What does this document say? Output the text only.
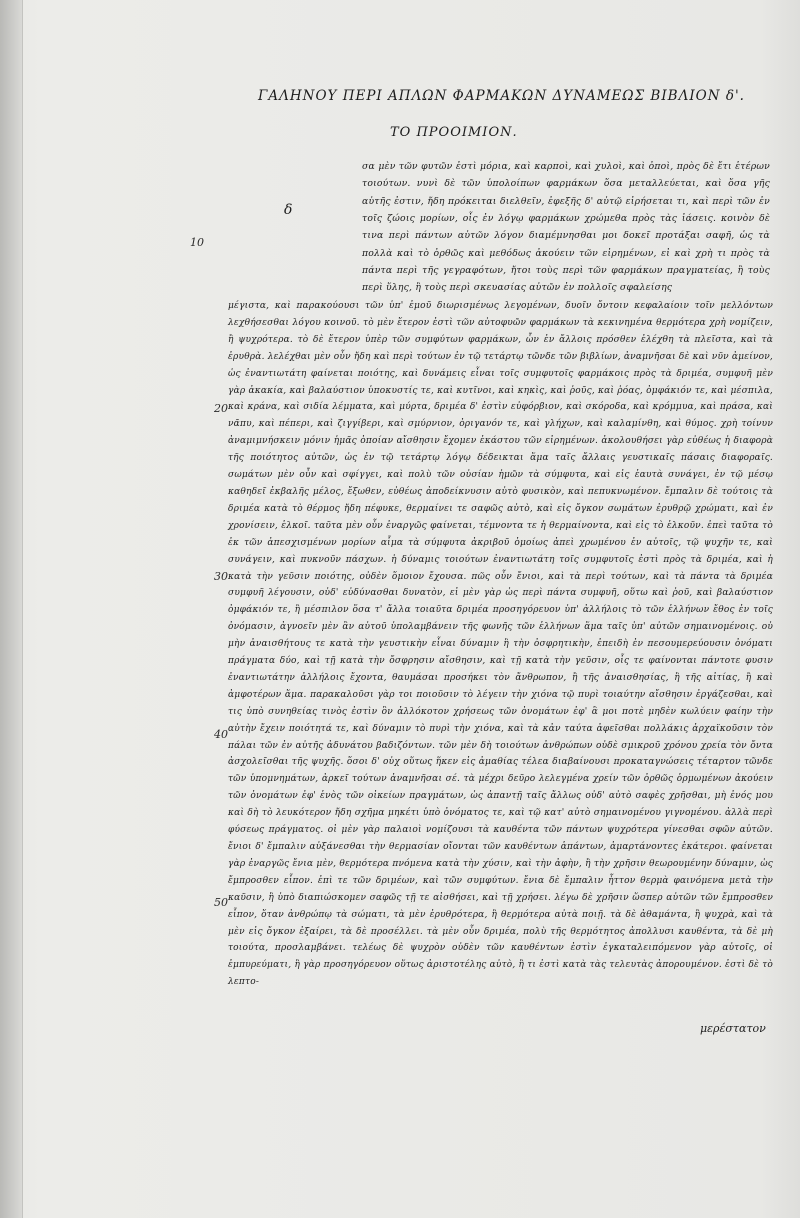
ΓΑΛΗΝΟΥ ΠΕΡΙ ΑΠΛΩΝ ΦΑΡΜΑΚΩΝ ΔΥΝΑΜΕΩΣ ΒΙΒΛΙΟΝ δ'.
ΤΟ ΠΡΟΟΙΜΙΟΝ.
δ
10
20
30
40
50

σα μὲν τῶν φυτῶν ἐστὶ μόρια, καὶ καρποὶ, καὶ χυλοὶ, καὶ ὀποὶ, πρὸς δὲ ἔτι ἑτέρων τοιούτων. νυνὶ δὲ τῶν ὑπολοίπων φαρμάκων ὅσα μεταλλεύεται, καὶ ὅσα γῆς αὐτῆς ἐστιν, ἤδη πρόκειται διελθεῖν, ἐφεξῆς δ' αὐτῷ εἰρήσεται τι, καὶ περὶ τῶν ἐν τοῖς ζώοις μορίων, οἷς ἐν λόγῳ φαρμάκων χρώμεθα πρὸς τὰς ἰάσεις. κοινὸν δὲ τινα περὶ πάντων αὐτῶν λόγον διαμέμνησθαι μοι δοκεῖ προτάξαι σαφῆ, ὡς τὰ πολλὰ καὶ τὸ ὀρθῶς καὶ μεθόδως ἀκούειν τῶν εἰρημένων, εἰ καὶ χρὴ τι πρὸς τὰ πάντα περὶ τῆς γεγραφότων, ἤτοι τοὺς περὶ τῶν φαρμάκων πραγματείας, ἢ τοὺς περὶ ὕλης, ἢ τοὺς περὶ σκευασίας αὐτῶν ἐν πολλοῖς σφαλείσης

μέγιστα, καὶ παρακούουσι τῶν ὑπ' ἐμοῦ διωρισμένως λεγομένων, δυοῖν ὄντοιν κεφαλαίοιν τοῖν μελλόντων λεχθήσεσθαι λόγου κοινοῦ. τὸ μὲν ἕτερον ἐστὶ τῶν αὐτοφυῶν φαρμάκων τὰ κεκινημένα θερμότερα χρὴ νομίζειν, ἢ ψυχρότερα. τὸ δὲ ἕτερον ὑπὲρ τῶν συμφύτων φαρμάκων, ὧν ἐν ἄλλοις πρόσθεν ἐλέχθη τὰ πλεῖστα, καὶ τὰ ἐρυθρὰ. λελέχθαι μὲν οὖν ἤδη καὶ περὶ τούτων ἐν τῷ τετάρτῳ τῶνδε τῶν βιβλίων, ἀναμνῆσαι δὲ καὶ νῦν ἀμείνον, ὡς ἐναντιωτάτη φαίνεται ποιότης, καὶ δυνάμεις εἶναι τοῖς συμφυτοῖς φαρμάκοις πρὸς τὰ δριμέα, συμφυῆ μὲν γὰρ ἀκακία, καὶ βαλαύστιον ὑποκυστίς τε, καὶ κυτῖνοι, καὶ κηκὶς, καὶ ῥοῦς, καὶ ῥόας, ὀμφάκιόν τε, καὶ μέσπιλα, καὶ κράνα, καὶ σιδία λέμματα, καὶ μύρτα, δριμέα δ' ἐστὶν εὐφόρβιον, καὶ σκόροδα, καὶ κρόμμυα, καὶ πράσα, καὶ νᾶπυ, καὶ πέπερι, καὶ ζιγγίβερι, καὶ σμύρνιον, ὀριγανόν τε, καὶ γλήχων, καὶ καλαμίνθη, καὶ θύμος. χρὴ τοίνυν ἀναμιμνήσκειν μόνιν ἡμᾶς ὁποίαν αἴσθησιν ἔχομεν ἑκάστου τῶν εἰρημένων. ἀκολουθήσει γὰρ εὐθέως ἡ διαφορὰ τῆς ποιότητος αὐτῶν, ὡς ἐν τῷ τετάρτῳ λόγῳ δέδεικται ἅμα ταῖς ἄλλαις γευστικαῖς πάσαις διαφοραῖς. σωμάτων μὲν οὖν καὶ σφίγγει, καὶ πολὺ τῶν οὐσίαν ἡμῶν τὰ σύμφυτα, καὶ εἰς ἑαυτὰ συνάγει, ἐν τῷ μέσῳ καθηδεῖ ἐκβαλῆς μέλος, ἔξωθεν, εὐθέως ἀποδείκνυσιν αὐτὸ φυσικὸν, καὶ πεπυκνωμένον. ἔμπαλιν δὲ τούτοις τὰ δριμέα κατὰ τὸ θέρμος ἤδη πέφυκε, θερμαίνει τε σαφῶς αὐτὸ, καὶ εἰς ὄγκον σωμάτων ἐρυθρῷ χρώματι, καὶ ἐν χρονίσειν, ἑλκοῖ. ταῦτα μὲν οὖν ἐναργῶς φαίνεται, τέμνοντα τε ἡ θερμαίνοντα, καὶ εἰς τὸ ἑλκοῦν. ἐπεὶ ταῦτα τὸ ἐκ τῶν ἀπεσχισμένων μορίων αἷμα τὰ σύμφυτα ἀκριβοῦ ὁμοίως ἀπεὶ χρωμένου ἐν αὐτοῖς, τῷ ψυχῆν τε, καὶ συνάγειν, καὶ πυκνοῦν πάσχων. ἡ δύναμις τοιούτων ἐναντιωτάτη τοῖς συμφυτοῖς ἐστὶ πρὸς τὰ δριμέα, καὶ ἡ κατὰ τὴν γεῦσιν ποιότης, οὐδὲν ὅμοιον ἔχουσα. πῶς οὖν ἔνιοι, καὶ τὰ περὶ τούτων, καὶ τὰ πάντα τὰ δριμέα συμφυῆ λέγουσιν, οὐδ' εὐδύνασθαι δυνατὸν, εἰ μὲν γὰρ ὡς περὶ πάντα συμφυῆ, οὕτω καὶ ῥοῦ, καὶ βαλαύστιον ὀμφάκιόν τε, ἢ μέσπιλον ὅσα τ' ἄλλα τοιαῦτα δριμέα προσηγόρευον ὑπ' ἀλλήλοις τὸ τῶν ἑλλήνων ἔθος ἐν τοῖς ὀνόμασιν, ἀγνοεῖν μὲν ἂν αὐτοῦ ὑπολαμβάνειν τῆς φωνῆς τῶν ἑλλήνων ἅμα ταῖς ὑπ' αὐτῶν σημαινομένοις. οὐ μὴν ἀναισθήτους τε κατὰ τὴν γευστικὴν εἶναι δύναμιν ἢ τὴν ὀσφρητικὴν, ἐπειδὴ ἐν πεσουμερεύουσιν ὀνόματι πράγματα δύο, καὶ τῇ κατὰ τὴν ὄσφρησιν αἴσθησιν, καὶ τῇ κατὰ τὴν γεῦσιν, οἷς τε φαίνονται πάντοτε φυσιν ἐναντιωτάτην ἀλλήλοις ἔχοντα, θαυμάσαι προσήκει τὸν ἄνθρωπον, ἢ τῆς ἀναισθησίας, ἢ τῆς αἰτίας, ἢ καὶ ἀμφοτέρων ἅμα. παρακαλοῦσι γὰρ τοι ποιοῦσιν τὸ λέγειν τὴν χιόνα τῷ πυρὶ τοιαύτην αἴσθησιν ἐργάζεσθαι, καὶ τις ὑπὸ συνηθείας τινὸς ἐστὶν ὃν ἀλλόκοτον χρήσεως τῶν ὀνομάτων ἐφ' ἃ μοι ποτὲ μηδὲν κωλύειν φαίην τὴν αὐτὴν ἔχειν ποιότητά τε, καὶ δύναμιν τὸ πυρὶ τὴν χιόνα, καὶ τὰ κἀν ταύτα ἀφεῖσθαι πολλάκις ἀρχαϊκοῦσιν τὸν πάλαι τῶν ἐν αὐτῆς ἀδυνάτου βαδιζόντων. τῶν μὲν δὴ τοιούτων ἀνθρώπων οὐδὲ σμικροῦ χρόνου χρεία τὸν ὄντα ἀσχολεῖσθαι τῆς ψυχῆς. ὅσοι δ' οὐχ οὕτως ἥκεν εἰς ἀμαθίας τέλεα διαβαίνουσι προκαταγνώσεις τέταρτον τῶνδε τῶν ὑπομνημάτων, ἀρκεῖ τούτων ἀναμνῆσαι σέ. τὰ μέχρι δεῦρο λελεγμένα χρείν τῶν ὀρθῶς ὁρμωμένων ἀκούειν τῶν ὀνομάτων ἐφ' ἑνὸς τῶν οἰκείων πραγμάτων, ὡς ἀπαντῇ ταῖς ἄλλως οὐδ' αὐτὸ σαφὲς χρῆσθαι, μὴ ἐνός μου καὶ δὴ τὸ λευκότερον ἤδη σχῆμα μηκέτι ὑπὸ ὀνόματος τε, καὶ τῷ κατ' αὐτὸ σημαινομένου γιγνομένου. ἀλλὰ περὶ φύσεως πράγματος. οἱ μὲν γὰρ παλαιοὶ νομίζουσι τὰ καυθέντα τῶν πάντων ψυχρότερα γίνεσθαι σφῶν αὐτῶν. ἔνιοι δ' ἔμπαλιν αὐξάνεσθαι τὴν θερμασίαν οἴονται τῶν καυθέντων ἁπάντων, ἁμαρτάνοντες ἑκάτεροι. φαίνεται γὰρ ἐναργῶς ἔνια μὲν, θερμότερα πνόμενα κατὰ τὴν χύσιν, καὶ τὴν ἀφὴν, ἢ τὴν χρῆσιν θεωρουμένην δύναμιν, ὡς ἔμπροσθεν εἶπον. ἐπὶ τε τῶν δριμέων, καὶ τῶν συμφύτων. ἔνια δὲ ἔμπαλιν ἧττον θερμὰ φαινόμενα μετὰ τὴν καῦσιν, ἢ ὑπὸ διαπιώσκομεν σαφῶς τῇ τε αἰσθήσει, καὶ τῇ χρήσει. λέγω δὲ χρῆσιν ὥσπερ αὐτῶν τῶν ἔμπροσθεν εἶπον, ὅταν ἀνθρώπῳ τὰ σώματι, τὰ μὲν ἐρυθρότερα, ἢ θερμότερα αὐτὰ ποιῇ. τὰ δὲ ἀθαμάντα, ἢ ψυχρὰ, καὶ τὰ μὲν εἰς ὄγκον ἐξαίρει, τὰ δὲ προσέλλει. τὰ μὲν οὖν δριμέα, πολὺ τῆς θερμότητος ἀπολλυσι καυθέντα, τὰ δὲ μὴ τοιούτα, προσλαμβάνει. τελέως δὲ ψυχρὸν οὐδὲν τῶν καυθέντων ἐστὶν ἐγκαταλειπόμενον γὰρ αὐτοῖς, οἱ ἐμπυρεύματι, ἢ γὰρ προσηγόρευον οὕτως ἀριστοτέλης αὐτὸ, ἢ τι ἐστὶ κατὰ τὰς τελευτὰς ἀπορουμένον. ἐστὶ δὲ τὸ λεπτο-

μερέστατον
